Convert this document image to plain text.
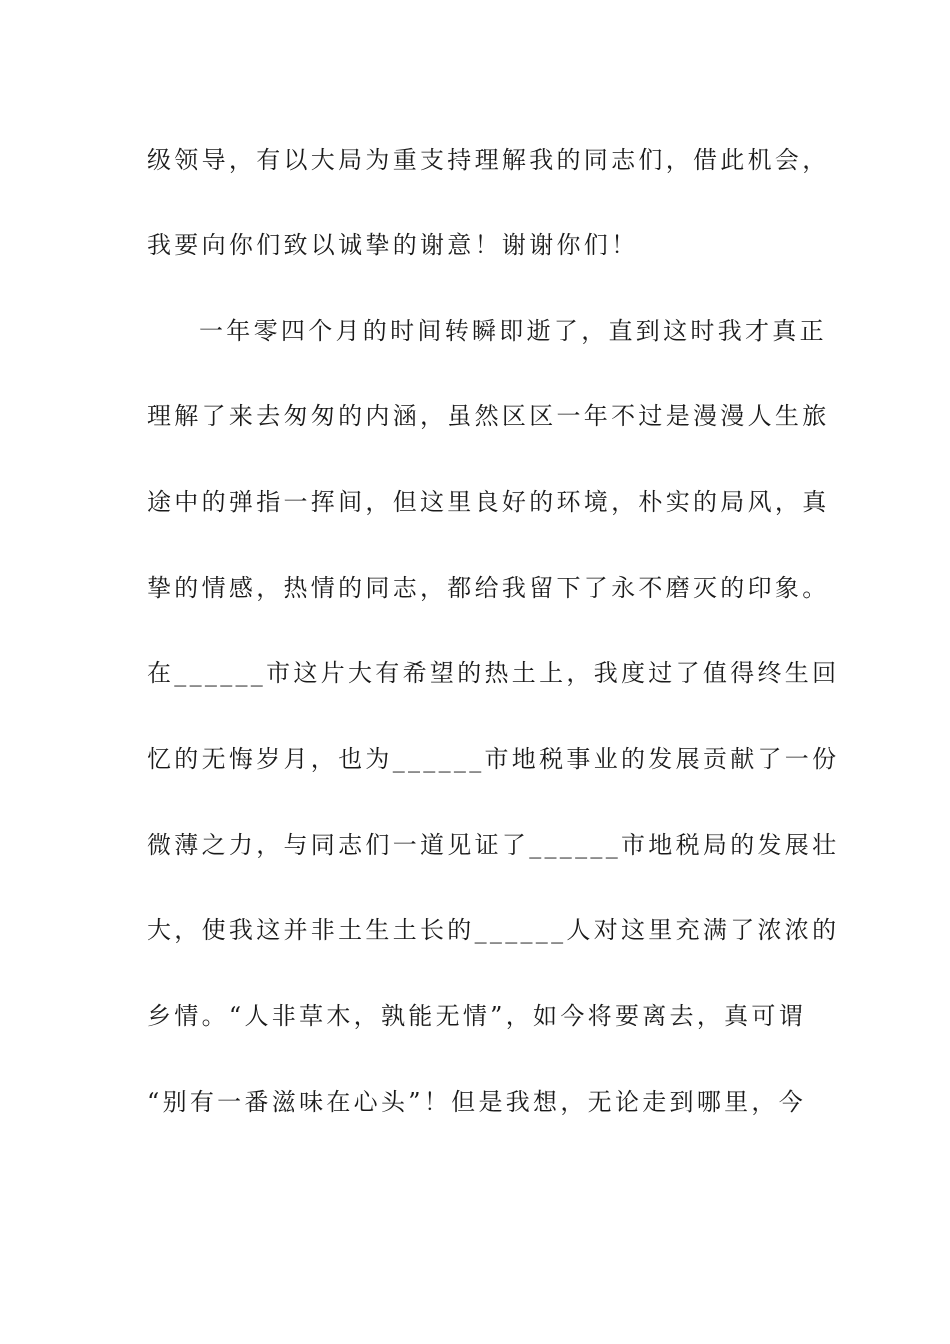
级领导，有以大局为重支持理解我的同志们，借此机会，
我要向你们致以诚挚的谢意！谢谢你们！
一年零四个月的时间转瞬即逝了，直到这时我才真正
理解了来去匆匆的内涵，虽然区区一年不过是漫漫人生旅
途中的弹指一挥间，但这里良好的环境，朴实的局风，真
挚的情感，热情的同志，都给我留下了永不磨灭的印象。
在______市这片大有希望的热土上，我度过了值得终生回
忆的无悔岁月，也为______市地税事业的发展贡献了一份
微薄之力，与同志们一道见证了______市地税局的发展壮
大，使我这并非土生土长的______人对这里充满了浓浓的
乡情。“人非草木，孰能无情”，如今将要离去，真可谓
“别有一番滋味在心头”！但是我想，无论走到哪里，今
